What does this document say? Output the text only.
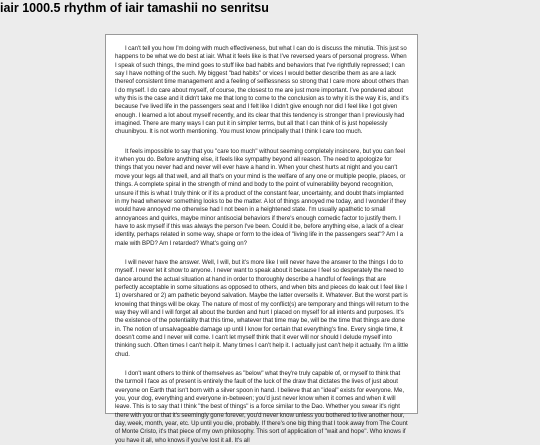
iair 1000.5 rhythm of iair tamashii no senritsu

I can't tell you how I'm doing with much effectiveness, but what I can do is discuss the minutia. This just so happens to be what we do best at iair. What it feels like is that I've reversed years of personal progress. When I speak of such things, the mind goes to stuff like bad habits and behaviors that I've rightfully repressed; I can say I have nothing of the such. My biggest "bad habits" or vices I would better describe them as are a lack thereof consistent time management and a feeling of selflessness so strong that I care more about others than I do myself. I do care about myself, of course, the closest to me are just more important. I've pondered about why this is the case and it didn't take me that long to come to the conclusion as to why it is the way it is, and it's because I've lived life in the passengers seat and I felt like I didn't give enough nor did I feel like I got given enough. I learned a lot about myself recently, and its clear that this tendency is stronger than I previously had imagined. There are many ways I can put it in simpler terms, but all that I can think of is just hopelessly chuunibyou. It is not worth mentioning. You must know principally that I think I care too much.

It feels impossible to say that you "care too much" without seeming completely insincere, but you can feel it when you do. Before anything else, it feels like sympathy beyond all reason. The need to apologize for things that you never had and never will ever have a hand in. When your chest hurts at night and you can't move your legs all that well, and all that's on your mind is the welfare of any one or multiple people, places, or things. A complete spiral in the strength of mind and body to the point of vulnerability beyond recognition, unsure if this is what I truly think or if its a product of the constant fear, uncertainty, and doubt thats implanted in my head whenever something looks to be the matter. A lot of things annoyed me today, and I wonder if they would have annoyed me otherwise had I not been in a heightened state. I'm usually apathetic to small annoyances and quirks, maybe minor antisocial behaviors if there's enough comedic factor to justify them. I have to ask myself if this was always the person I've been. Could it be, before anything else, a lack of a clear identity, perhaps related in some way, shape or form to the idea of "living life in the passengers seat"? Am I a male with BPD? Am I retarded? What's going on?

I will never have the answer. Well, I will, but it's more like I will never have the answer to the things I do to myself. I never let it show to anyone. I never want to speak about it because I feel so desperately the need to dance around the actual situation at hand in order to thoroughly describe a handful of feelings that are perfectly acceptable in some situations as opposed to others, and when bits and pieces do leak out I feel like I 1) overshared or 2) am pathetic beyond salvation. Maybe the latter oversells it. Whatever. But the worst part is knowing that things will be okay. The nature of most of my conflict(s) are temporary and things will return to the way they will and I will forget all about the burden and hurt I placed on myself for all intents and purposes. It's the existence of the potentiality that this time, whatever that time may be, will be the time that things are done in. The notion of unsalvageable damage up until I know for certain that everything's fine. Every single time, it doesn't come and I never will come. I can't let myself think that it ever will nor should I delude myself into thinking such. Often times I can't help it. Many times I can't help it. I actually just can't help it actually. I'm a little chud.

I don't want others to think of themselves as "below" what they're truly capable of, or myself to think that the turmoil I face as of present is entirely the fault of the luck of the draw that dictates the lives of just about everyone on Earth that isn't born with a silver spoon in hand. I believe that an "ideal" exists for everyone. Me, you, your dog, everything and everyone in-between; you'd just never know when it comes and when it will leave. This is to say that I think "the best of things" is a force similar to the Dao. Whether you swear it's right there with you or that it's seemingly gone forever, you'd never know unless you bothered to live another hour, day, week, month, year, etc. Up until you die, probably. If there's one big thing that I took away from The Count of Monte Cristo, it's that piece of my own philosophy. This sort of application of "wait and hope". Who knows if you have it all, who knows if you've lost it all. It's all
